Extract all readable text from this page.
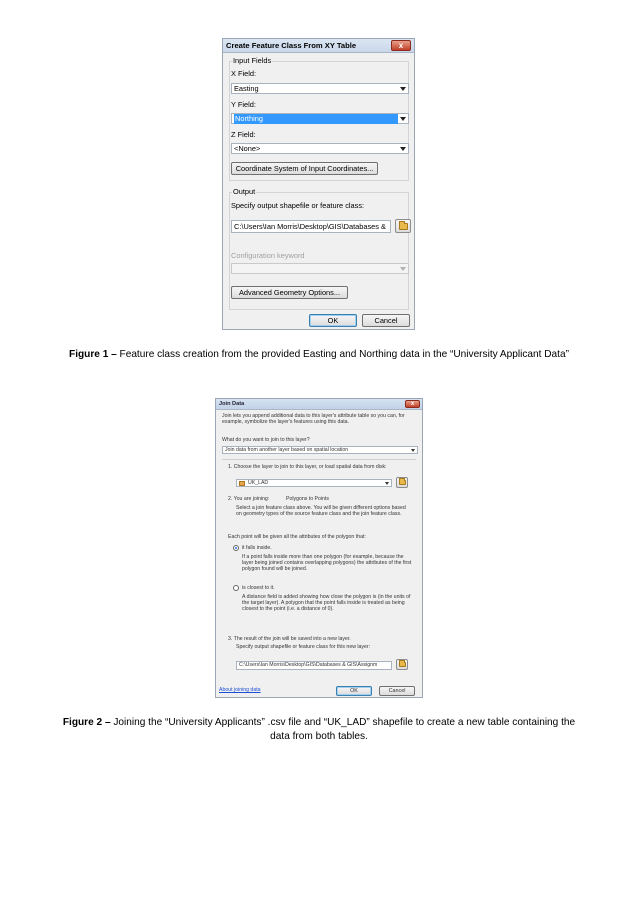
Create Feature Class From XY Table	x
Input Fields
X Field:
Easting
Y Field:
Northing
Z Field:
<None>
Coordinate System of Input Coordinates...
Output
Specify output shapefile or feature class:
C:\Users\Ian Morris\Desktop\GIS\Databases &
Configuration keyword
Advanced Geometry Options...
OK	Cancel
Figure 1 – Feature class creation from the provided Easting and Northing data in the “University Applicant Data”
Join Data	x
Join lets you append additional data to this layer's attribute table so you can, for example, symbolize the layer's features using this data.
What do you want to join to this layer?
Join data from another layer based on spatial location
1. Choose the layer to join to this layer, or load spatial data from disk:
UK_LAD
2. You are joining:	Polygons to Points
Select a join feature class above. You will be given different options based on geometry types of the source feature class and the join feature class.
Each point will be given all the attributes of the polygon that:
it falls inside.
If a point falls inside more than one polygon (for example, because the layer being joined contains overlapping polygons) the attributes of the first polygon found will be joined.
is closest to it.
A distance field is added showing how close the polygon is (in the units of the target layer). A polygon that the point falls inside is treated as being closest to the point (i.e. a distance of 0).
3. The result of the join will be saved into a new layer.
Specify output shapefile or feature class for this new layer:
C:\Users\Ian Morris\Desktop\GIS\Databases & GIS\Assignm
About joining data	OK	Cancel
Figure 2 – Joining the “University Applicants” .csv file and “UK_LAD” shapefile to create a new table containing the
data from both tables.
